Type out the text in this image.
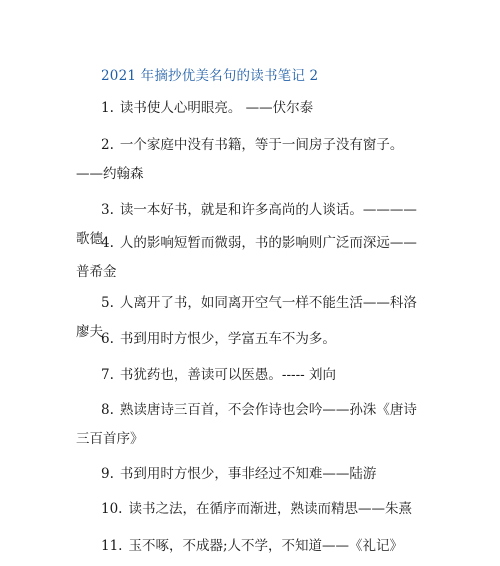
2021 年摘抄优美名句的读书笔记 2
1. 读书使人心明眼亮。 ——伏尔泰
2. 一个家庭中没有书籍，等于一间房子没有窗子。 ——约翰森
3. 读一本好书，就是和许多高尚的人谈话。————歌德
4. 人的影响短暂而微弱，书的影响则广泛而深远——普希金
5. 人离开了书，如同离开空气一样不能生活——科洛廖夫
6. 书到用时方恨少，学富五车不为多。
7. 书犹药也，善读可以医愚。----- 刘向
8. 熟读唐诗三百首，不会作诗也会吟——孙洙《唐诗三百首序》
9. 书到用时方恨少，事非经过不知难——陆游
10. 读书之法，在循序而渐进，熟读而精思——朱熹
11. 玉不啄，不成器;人不学，不知道——《礼记》
